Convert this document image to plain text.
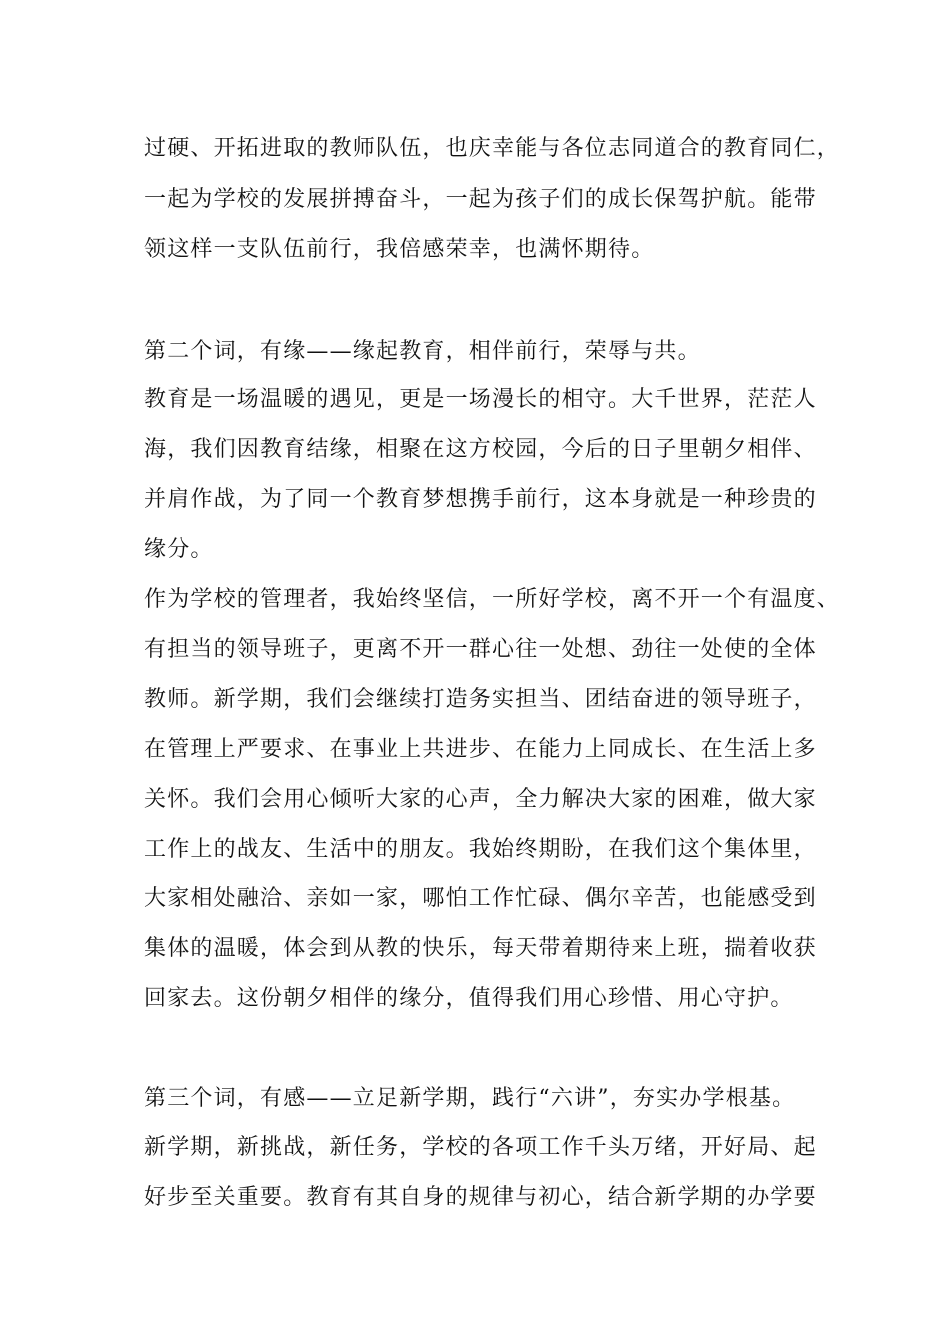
过硬、开拓进取的教师队伍，也庆幸能与各位志同道合的教育同仁，
一起为学校的发展拼搏奋斗，一起为孩子们的成长保驾护航。能带
领这样一支队伍前行，我倍感荣幸，也满怀期待。
第二个词，有缘——缘起教育，相伴前行，荣辱与共。
教育是一场温暖的遇见，更是一场漫长的相守。大千世界，茫茫人
海，我们因教育结缘，相聚在这方校园，今后的日子里朝夕相伴、
并肩作战，为了同一个教育梦想携手前行，这本身就是一种珍贵的
缘分。
作为学校的管理者，我始终坚信，一所好学校，离不开一个有温度、
有担当的领导班子，更离不开一群心往一处想、劲往一处使的全体
教师。新学期，我们会继续打造务实担当、团结奋进的领导班子，
在管理上严要求、在事业上共进步、在能力上同成长、在生活上多
关怀。我们会用心倾听大家的心声，全力解决大家的困难，做大家
工作上的战友、生活中的朋友。我始终期盼，在我们这个集体里，
大家相处融洽、亲如一家，哪怕工作忙碌、偶尔辛苦，也能感受到
集体的温暖，体会到从教的快乐，每天带着期待来上班，揣着收获
回家去。这份朝夕相伴的缘分，值得我们用心珍惜、用心守护。
第三个词，有感——立足新学期，践行“六讲”，夯实办学根基。
新学期，新挑战，新任务，学校的各项工作千头万绪，开好局、起
好步至关重要。教育有其自身的规律与初心，结合新学期的办学要
